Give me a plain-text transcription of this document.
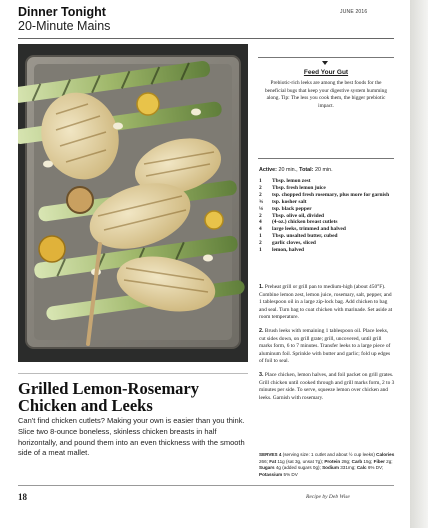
Dinner Tonight
20-Minute Mains
JUNE 2016
Feed Your Gut
Prebiotic-rich leeks are among the best foods for the beneficial bugs that keep your digestive system humming along. Tip: The less you cook them, the bigger prebiotic impact.
Active: 20 min., Total: 20 min.
1	Tbsp. lemon zest
2	Tbsp. fresh lemon juice
2	tsp. chopped fresh rosemary, plus more for garnish
¾	tsp. kosher salt
⅛	tsp. black pepper
2	Tbsp. olive oil, divided
4	(4-oz.) chicken breast cutlets
4	large leeks, trimmed and halved
1	Tbsp. unsalted butter, cubed
2	garlic cloves, sliced
1	lemon, halved
1. Preheat grill or grill pan to medium-high (about 450°F). Combine lemon zest, lemon juice, rosemary, salt, pepper, and 1 tablespoon oil in a large zip-lock bag. Add chicken to bag and seal. Turn bag to coat chicken with marinade. Set aside at room temperature.
2. Brush leeks with remaining 1 tablespoon oil. Place leeks, cut sides down, on grill grate; grill, uncovered, until grill marks form, 6 to 7 minutes. Transfer leeks to a large piece of aluminum foil. Sprinkle with butter and garlic; fold up edges of foil to seal.
3. Place chicken, lemon halves, and foil packet on grill grates. Grill chicken until cooked through and grill marks form, 2 to 3 minutes per side. To serve, squeeze lemon over chicken and leeks. Garnish with rosemary.
SERVES 4 (serving size: 1 cutlet and about ½ cup leeks) Calories 266; Fat 11g (sat 3g, unsat 7g); Protein 28g; Carb 15g; Fiber 2g; Sugars 4g (added sugars 0g); Sodium 331mg; Calc 6% DV; Potassium 5% DV
Grilled Lemon-Rosemary
Chicken and Leeks
Can't find chicken cutlets? Making your own is easier than you think. Slice two 8-ounce boneless, skinless chicken breasts in half horizontally, and pound them into an even thickness with the smooth side of a meat mallet.
18	Recipe by Deb Wise
